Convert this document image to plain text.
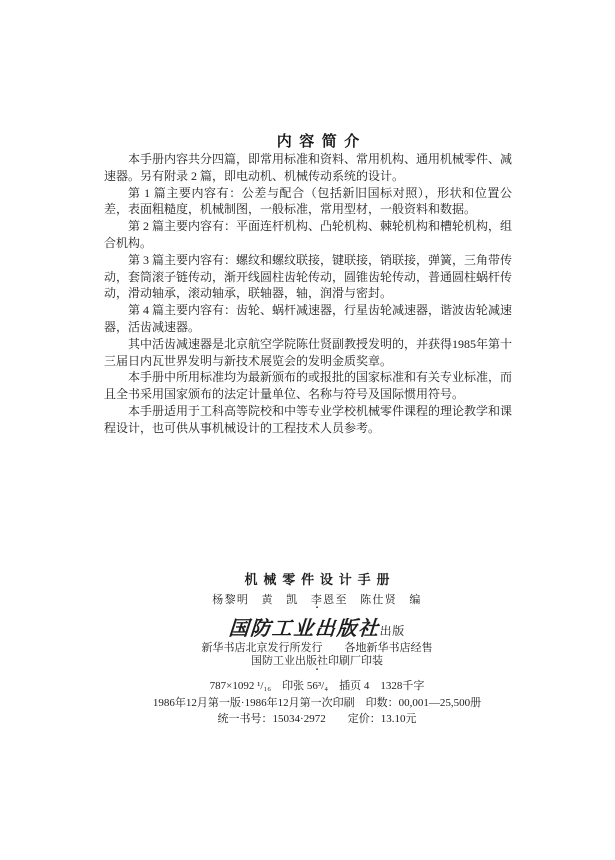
内容简介

本手册内容共分四篇，即常用标准和资料、常用机构、通用机械零件、减速器。另有附录 2 篇，即电动机、机械传动系统的设计。

第 1 篇主要内容有：公差与配合（包括新旧国标对照），形状和位置公差，表面粗糙度，机械制图，一般标准，常用型材，一般资料和数据。

第 2 篇主要内容有：平面连杆机构、凸轮机构、棘轮机构和槽轮机构，组合机构。

第 3 篇主要内容有：螺纹和螺纹联接，键联接，销联接，弹簧，三角带传动，套筒滚子链传动，渐开线圆柱齿轮传动，圆锥齿轮传动，普通圆柱蜗杆传动，滑动轴承，滚动轴承，联轴器，轴，润滑与密封。

第 4 篇主要内容有：齿轮、蜗杆减速器，行星齿轮减速器，谐波齿轮减速器，活齿减速器。

其中活齿减速器是北京航空学院陈仕贤副教授发明的，并获得1985年第十三届日内瓦世界发明与新技术展览会的发明金质奖章。

本手册中所用标准均为最新颁布的或报批的国家标准和有关专业标准，而且全书采用国家颁布的法定计量单位、名称与符号及国际惯用符号。

本手册适用于工科高等院校和中等专业学校机械零件课程的理论教学和课程设计，也可供从事机械设计的工程技术人员参考。

机械零件设计手册
杨黎明　黄　凯　李恩至　陈仕贤　编
▪
国防工业出版社出版
新华书店北京发行所发行　　各地新华书店经售
国防工业出版社印刷厂印装
▪
787×1092 ¹/₁₆　印张 56³/₄　插页 4　1328千字
1986年12月第一版·1986年12月第一次印刷　印数：00,001—25,500册
统一书号：15034·2972　　定价：13.10元
